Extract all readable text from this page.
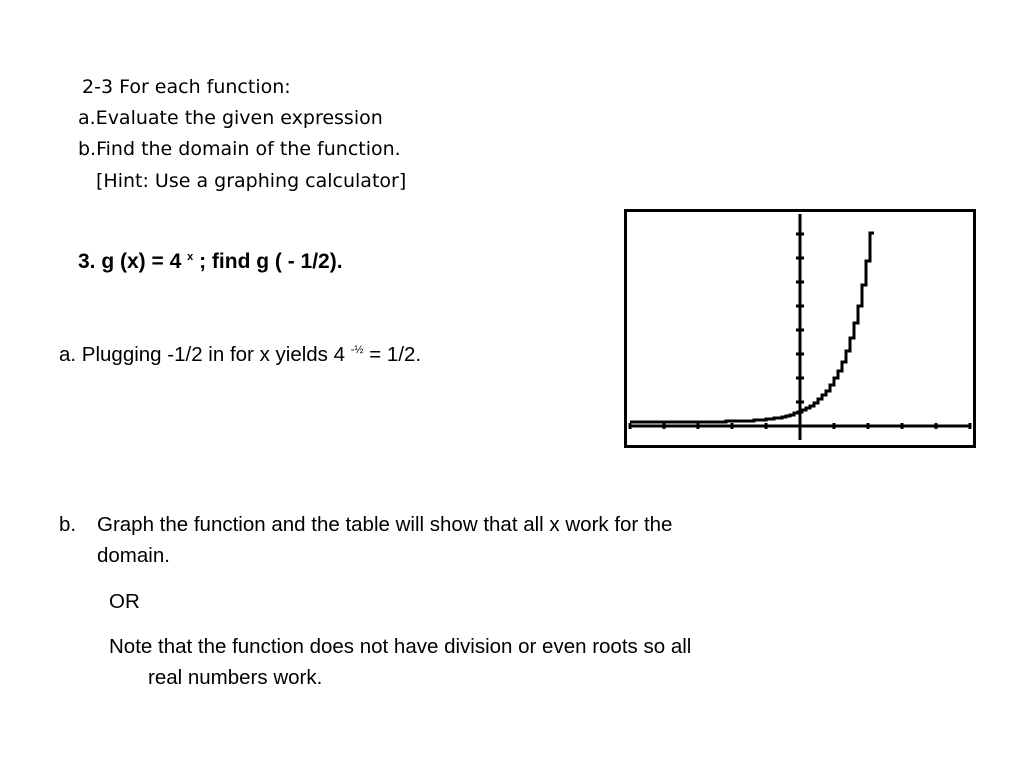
2-3 For each function:
a.Evaluate the given expression
b.Find the domain of the function.
[Hint: Use a graphing calculator]
3. g (x) = 4 $^x$ ; find g ( - 1/2).
a. Plugging -1/2 in for x yields 4 $^{-\frac{1}{2}}$ = 1/2.
b. Graph the function and the table will show that all x work for the
domain.
OR
Note that the function does not have division or even roots so all
real numbers work.
